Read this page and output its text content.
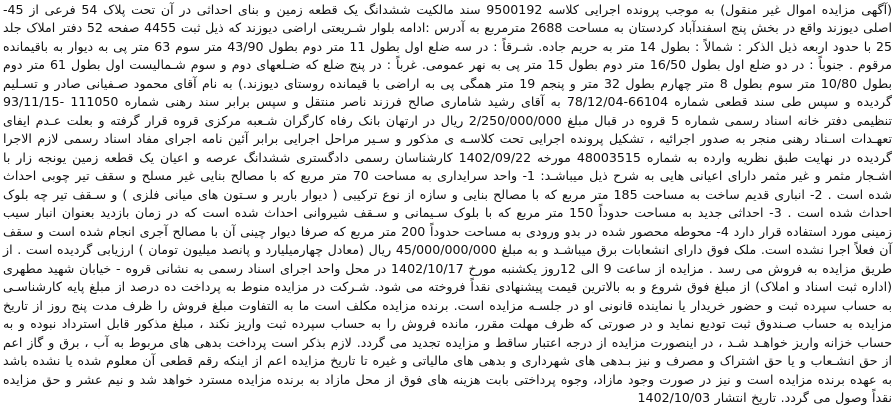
(آگهی مزایده اموال غیر منقول) به موجب پرونده اجرایی کلاسه 9500192 سند مالکیت ششدانگ یک قطعه زمین و بنای احداثی در آن تحت پلاک 54 فرعی از 45- اصلی دیوزند واقع در بخش پنج اسفندآباد کردستان به مساحت 2688 مترمربع به آدرس :ادامه بلوار شـریعتی اراضی دیوزند که ذیل ثبت 4455 صفحه 52 دفتر املاک جلد 25 با حدود اربعه ذیل الذکر : شمالاً : بطول 14 متر به حریم جاده. شـرقاً : در سه ضلع اول بطول 11 متر دوم بطول 43/90 متر سوم 63 متر پی به دیوار به باقیمانده مرقوم . جنوباً : در دو ضلع اول بطول 16/50 متر دوم بطول 15 متر پی به نهر عمومی. غرباً : در پنج ضلع که ضـلعهای دوم و سوم شـمالیست اول بطول 61 متر دوم بطول 10/80 متر سوم بطول 8 متر چهارم بطول 32 متر و پنجم 19 متر همگی پی به اراضی با قیمانده روستای دیوزند.) به نام آقای محمود صـفیانی صادر و تسـلیم گردیده و سپس طی سند قطعی شماره 66104-78/12/04 به آقای رشید شاماری صالح فرزند ناصر منتقل و سپس برابر سند رهنی شماره 111050 -93/11/15 تنظیمی دفتر خانه اسناد رسمی شماره 5 قروه در قبال مبلغ 2/250/000/000 ریال در ارتهان بانک رفاه کارگران شـعبه مرکزی قروه قرار گرفته و بعلت عـدم ایفای تعهـدات اسـناد رهنی منجر به صدور اجرائیه ، تشکیل پرونده اجرایی تحت کلاسـه ی مذکور و سـیر مراحل اجرایی برابر آئین نامه اجرای مفاد اسناد رسمی لازم الاجرا گردیده در نهایت طبق نظریه وارده به شماره 48003515 مورخه 1402/09/22 کارشناسان رسمی دادگستری ششدانگ عرصه و اعیان یک قطعه زمین یونجه زار با اشـجار مثمر و غیر مثمر دارای اعیانی هایی به شرح ذیل میباشـد: 1- واحد سرایداری به مساحت 70 متر مربع که با مصالح بنایی غیر مسلح و سقف تیر چوبی احداث شده است . 2- انباری قدیم ساخت به مساحت 185 متر مربع که با مصالح بنایی و سازه از نوع ترکیبی ( دیوار باربر و سـتون های میانی فلزی ) و سـقف تیر چه بلوک احداث شده است . 3- احداثی جدید به مساحت حدوداً 150 متر مربع که با بلوک سـیمانی و سـقف شیروانی احداث شده است که در زمان بازدید بعنوان انبار سیب زمینی مورد استفاده قرار دارد 4- محوطه محصور شده در بدو ورودی به مساحت حدوداً 200 متر مربع که صرفا دیوار چینی آن با مصالح آجری انجام شده است و سقف آن فعلاً اجرا نشده است. ملک فوق دارای انشعابات برق میباشـد و به مبلغ 45/000/000/000 ریال (معادل چهارمیلیارد و پانصد میلیون تومان ) ارزیابی گردیده است . از طریق مزایده به فروش می رسد . مزایده از ساعت 9 الی 12روز یکشنبه مورخ 1402/10/17 در محل واحد اجرای اسناد رسمی به نشانی قروه - خیابان شهید مطهری (اداره ثبت اسناد و املاک) از مبلغ فوق شروع و به بالاترین قیمت پیشنهادی نقداً فروخته می شود. شـرکت در مزایده منوط به پرداخت ده درصد از مبلغ پایه کارشناسـی به حساب سپرده ثبت و حضور خریدار یا نماینده قانونی او در جلسـه مزایده است. برنده مزایده مکلف است ما به التفاوت مبلغ فروش را ظرف مدت پنج روز از تاریخ مزایده به حساب صـندوق ثبت تودیع نماید و در صورتی که ظرف مهلت مقرر، مانده فروش را به حساب سپرده ثبت واریز نکند ، مبلغ مذکور قابل استرداد نبوده و به حساب خزانه واریز خواهـد شـد ، در اینصورت مزایده از درجه اعتبار ساقط و مزایده تجدید می گردد. لازم بذکر است پرداخت بدهی های مربوط به آب ، برق و گاز اعم از حق انشـعاب و یا حق اشتراک و مصرف و نیز بـدهی های شهرداری و بدهی های مالیاتی و غیره تا تاریخ مزایده اعم از اینکه رقم قطعی آن معلوم شده یا نشده باشد به عهده برنده مزایده است و نیز در صورت وجود مازاد، وجوه پرداختی بابت هزینه های فوق از محل مازاد به برنده مزایده مسترد خواهد شد و نیم عشر و حق مزایده نقداً وصول می گردد. تاریخ انتشار 1402/10/03
